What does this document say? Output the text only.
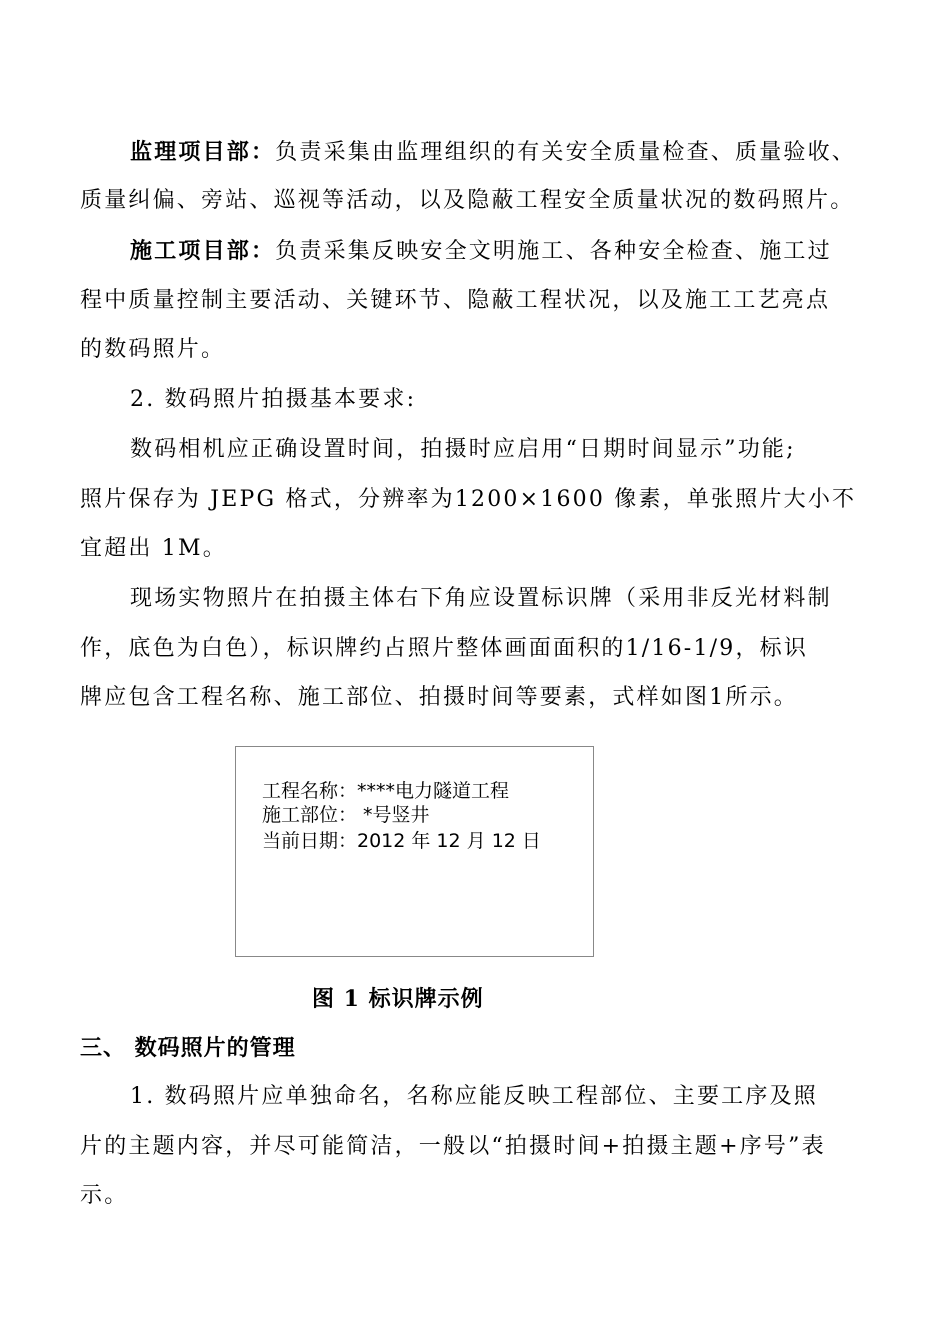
监理项目部：负责采集由监理组织的有关安全质量检查、质量验收、
质量纠偏、旁站、巡视等活动，以及隐蔽工程安全质量状况的数码照片。
施工项目部：负责采集反映安全文明施工、各种安全检查、施工过
程中质量控制主要活动、关键环节、隐蔽工程状况，以及施工工艺亮点
的数码照片。
2. 数码照片拍摄基本要求:
数码相机应正确设置时间，拍摄时应启用“日期时间显示”功能;
照片保存为 JEPG 格式，分辨率为1200×1600 像素，单张照片大小不
宜超出 1M。
现场实物照片在拍摄主体右下角应设置标识牌（采用非反光材料制
作，底色为白色），标识牌约占照片整体画面面积的1/16-1/9，标识
牌应包含工程名称、施工部位、拍摄时间等要素，式样如图1所示。
工程名称：****电力隧道工程
施工部位： *号竖井
当前日期：2012 年 12 月 12 日
图 1 标识牌示例
三、 数码照片的管理
1. 数码照片应单独命名，名称应能反映工程部位、主要工序及照
片的主题内容，并尽可能简洁，一般以“拍摄时间+拍摄主题+序号”表
示。
